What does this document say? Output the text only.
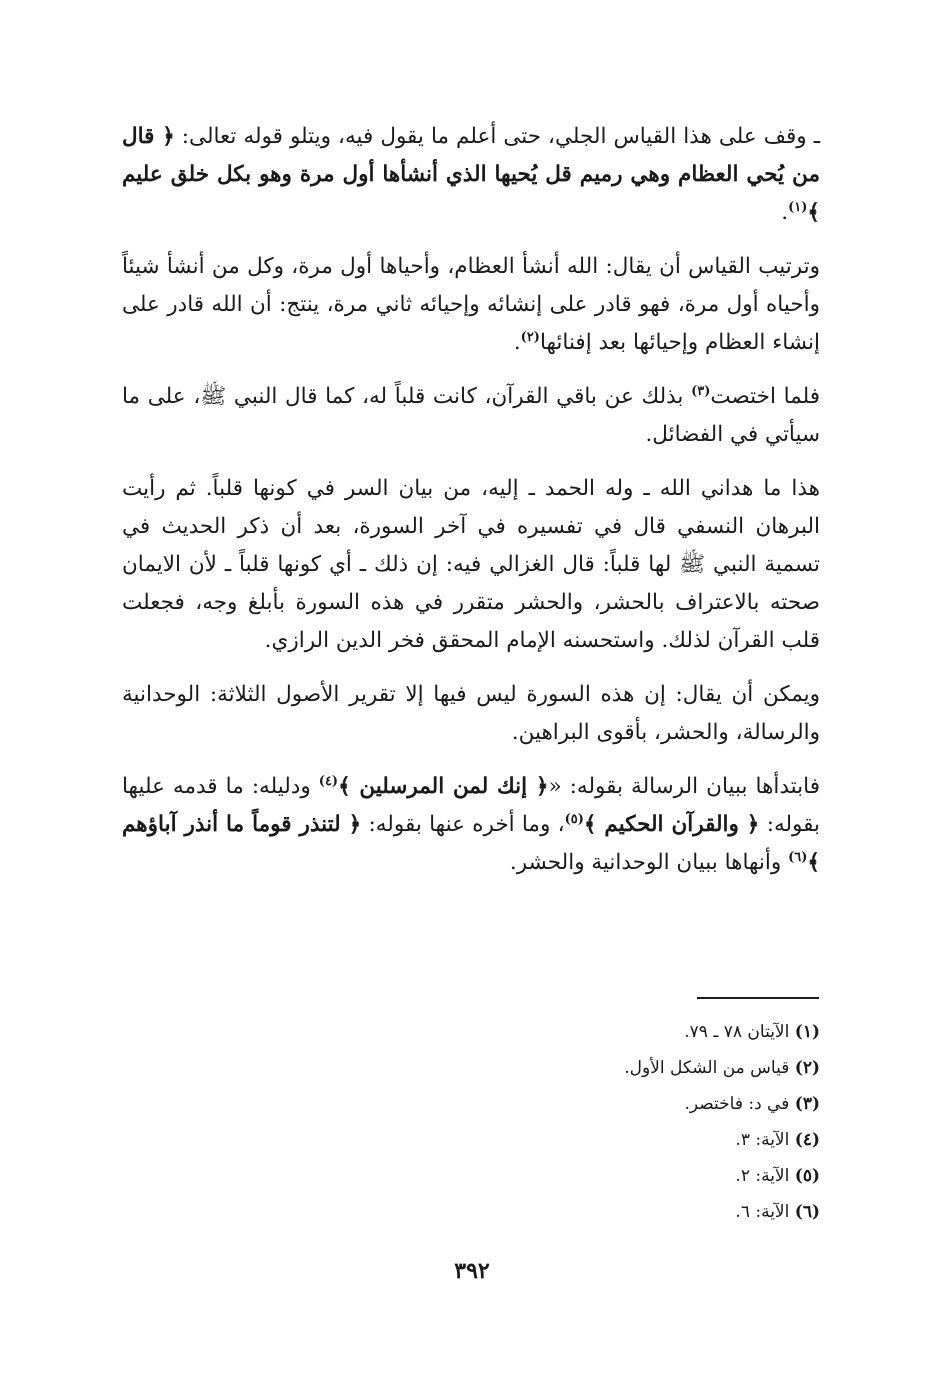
ـ وقف على هذا القياس الجلي، حتى أعلم ما يقول فيه، ويتلو قوله تعالى: ﴿ قال من يُحي العظام وهي رميم قل يُحيها الذي أنشأها أول مرة وهو بكل خلق عليم ﴾$^{(١)}$.

وترتيب القياس أن يقال: الله أنشأ العظام، وأحياها أول مرة، وكل من أنشأ شيئاً وأحياه أول مرة، فهو قادر على إنشائه وإحيائه ثاني مرة، ينتج: أن الله قادر على إنشاء العظام وإحيائها بعد إفنائها$^{(٢)}$.

فلما اختصت$^{(٣)}$ بذلك عن باقي القرآن، كانت قلباً له، كما قال النبي ﷺ، على ما سيأتي في الفضائل.

هذا ما هداني الله ـ وله الحمد ـ إليه، من بيان السر في كونها قلباً. ثم رأيت البرهان النسفي قال في تفسيره في آخر السورة، بعد أن ذكر الحديث في تسمية النبي ﷺ لها قلباً: قال الغزالي فيه: إن ذلك ـ أي كونها قلباً ـ لأن الايمان صحته بالاعتراف بالحشر، والحشر متقرر في هذه السورة بأبلغ وجه، فجعلت قلب القرآن لذلك. واستحسنه الإمام المحقق فخر الدين الرازي.

ويمكن أن يقال: إن هذه السورة ليس فيها إلا تقرير الأصول الثلاثة: الوحدانية والرسالة، والحشر، بأقوى البراهين.

فابتدأها ببيان الرسالة بقوله: «﴿ إنك لمن المرسلين ﴾$^{(٤)}$ ودليله: ما قدمه عليها بقوله: ﴿ والقرآن الحكيم ﴾$^{(٥)}$، وما أخره عنها بقوله: ﴿ لتنذر قوماً ما أنذر آباؤهم ﴾$^{(٦)}$ وأنهاها ببيان الوحدانية والحشر.

(١) الآيتان ٧٨ ـ ٧٩.
(٢) قياس من الشكل الأول.
(٣) في د: فاختصر.
(٤) الآية: ٣.
(٥) الآية: ٢.
(٦) الآية: ٦.
٣٩٢
